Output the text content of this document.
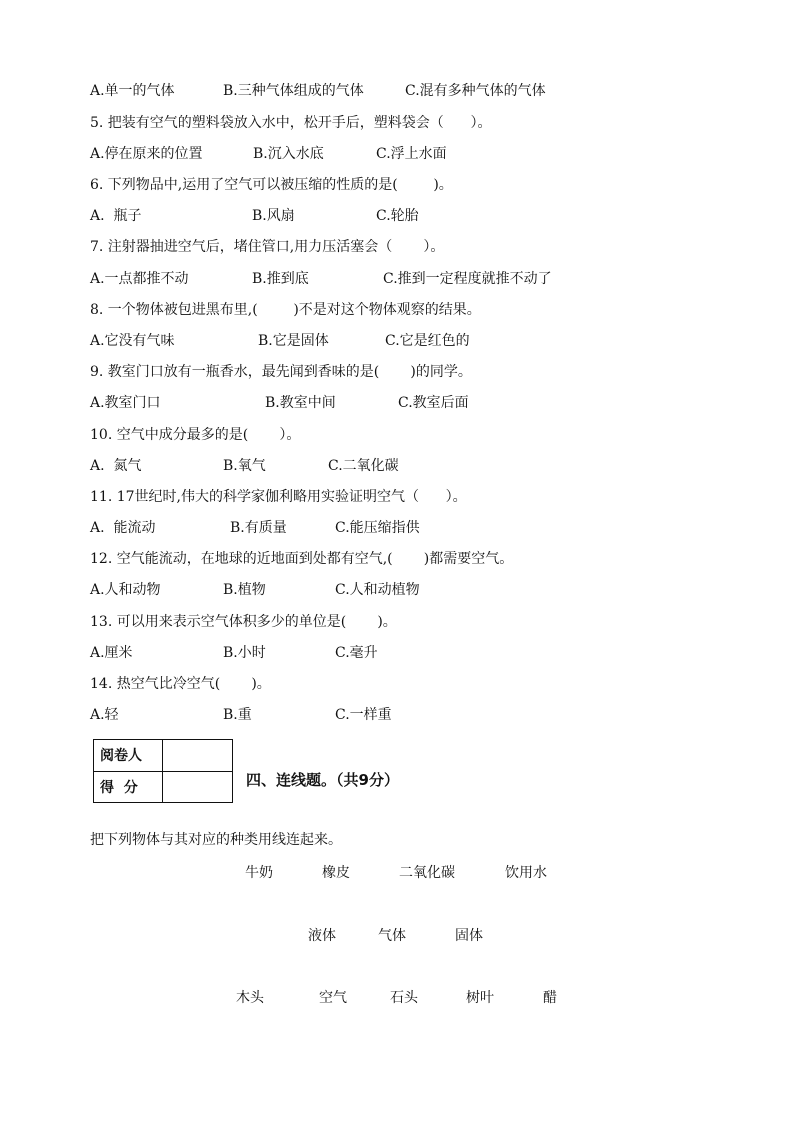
A.单一的气体	B.三种气体组成的气体	C.混有多种气体的气体
5. 把装有空气的塑料袋放入水中，松开手后，塑料袋会（      ）。
A.停在原来的位置	B.沉入水底	C.浮上水面
6. 下列物品中,运用了空气可以被压缩的性质的是(        )。
A.  瓶子	B.风扇	C.轮胎
7. 注射器抽进空气后，堵住管口,用力压活塞会（       ）。
A.一点都推不动	B.推到底	C.推到一定程度就推不动了
8. 一个物体被包进黑布里,(        )不是对这个物体观察的结果。
A.它没有气味	B.它是固体	C.它是红色的
9. 教室门口放有一瓶香水，最先闻到香味的是(       )的同学。
A.教室门口	B.教室中间	C.教室后面
10. 空气中成分最多的是(       ）。
A.  氮气	B.氧气	C.二氧化碳
11. 17世纪时,伟大的科学家伽利略用实验证明空气（      ）。
A.  能流动	B.有质量	C.能压缩指供
12. 空气能流动，在地球的近地面到处都有空气,(       )都需要空气。
A.人和动物	B.植物	C.人和动植物
13. 可以用来表示空气体积多少的单位是(       )。
A.厘米	B.小时	C.毫升
14. 热空气比冷空气(       )。
A.轻	B.重	C.一样重
阅卷人	
得  分		四、连线题。（共9分）
把下列物体与其对应的种类用线连起来。
牛奶	橡皮	二氧化碳	饮用水
液体	气体	固体
木头	空气	石头	树叶	醋
